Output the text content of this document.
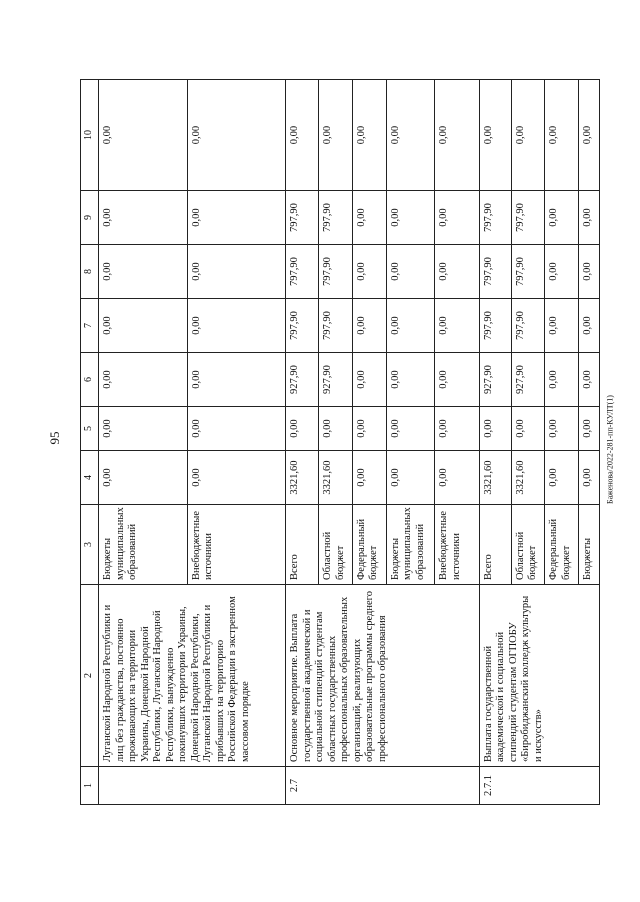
95	Баженова/2022-281-пп-КУЛТ(1)
1	2	3	4	5	6	7	8	9	10
	Луганской Народной Республики и лиц без гражданства, постоянно проживающих на территории Украины, Донецкой Народной Республики, Луганской Народной Республики, вынужденно покинувших территории Украины, Донецкой Народной Республики, Луганской Народной Республики и прибывших на территорию Российской Федерации в экстренном массовом порядке	Бюджеты муниципальных образований	0,00	0,00	0,00	0,00	0,00	0,00	0,00
		Внебюджетные источники	0,00	0,00	0,00	0,00	0,00	0,00	0,00
2.7	Основное мероприятие. Выплата государственной академической и социальной стипендий студентам областных государственных профессиональных образовательных организаций, реализующих образовательные программы среднего профессионального образования	Всего	3321,60	0,00	927,90	797,90	797,90	797,90	0,00
		Областной бюджет	3321,60	0,00	927,90	797,90	797,90	797,90	0,00
		Федеральный бюджет	0,00	0,00	0,00	0,00	0,00	0,00	0,00
		Бюджеты муниципальных образований	0,00	0,00	0,00	0,00	0,00	0,00	0,00
		Внебюджетные источники	0,00	0,00	0,00	0,00	0,00	0,00	0,00
2.7.1	Выплата государственной академической и социальной стипендий студентам ОГПОБУ «Биробиджанский колледж культуры и искусств»	Всего	3321,60	0,00	927,90	797,90	797,90	797,90	0,00
		Областной бюджет	3321,60	0,00	927,90	797,90	797,90	797,90	0,00
		Федеральный бюджет	0,00	0,00	0,00	0,00	0,00	0,00	0,00
		Бюджеты	0,00	0,00	0,00	0,00	0,00	0,00	0,00
